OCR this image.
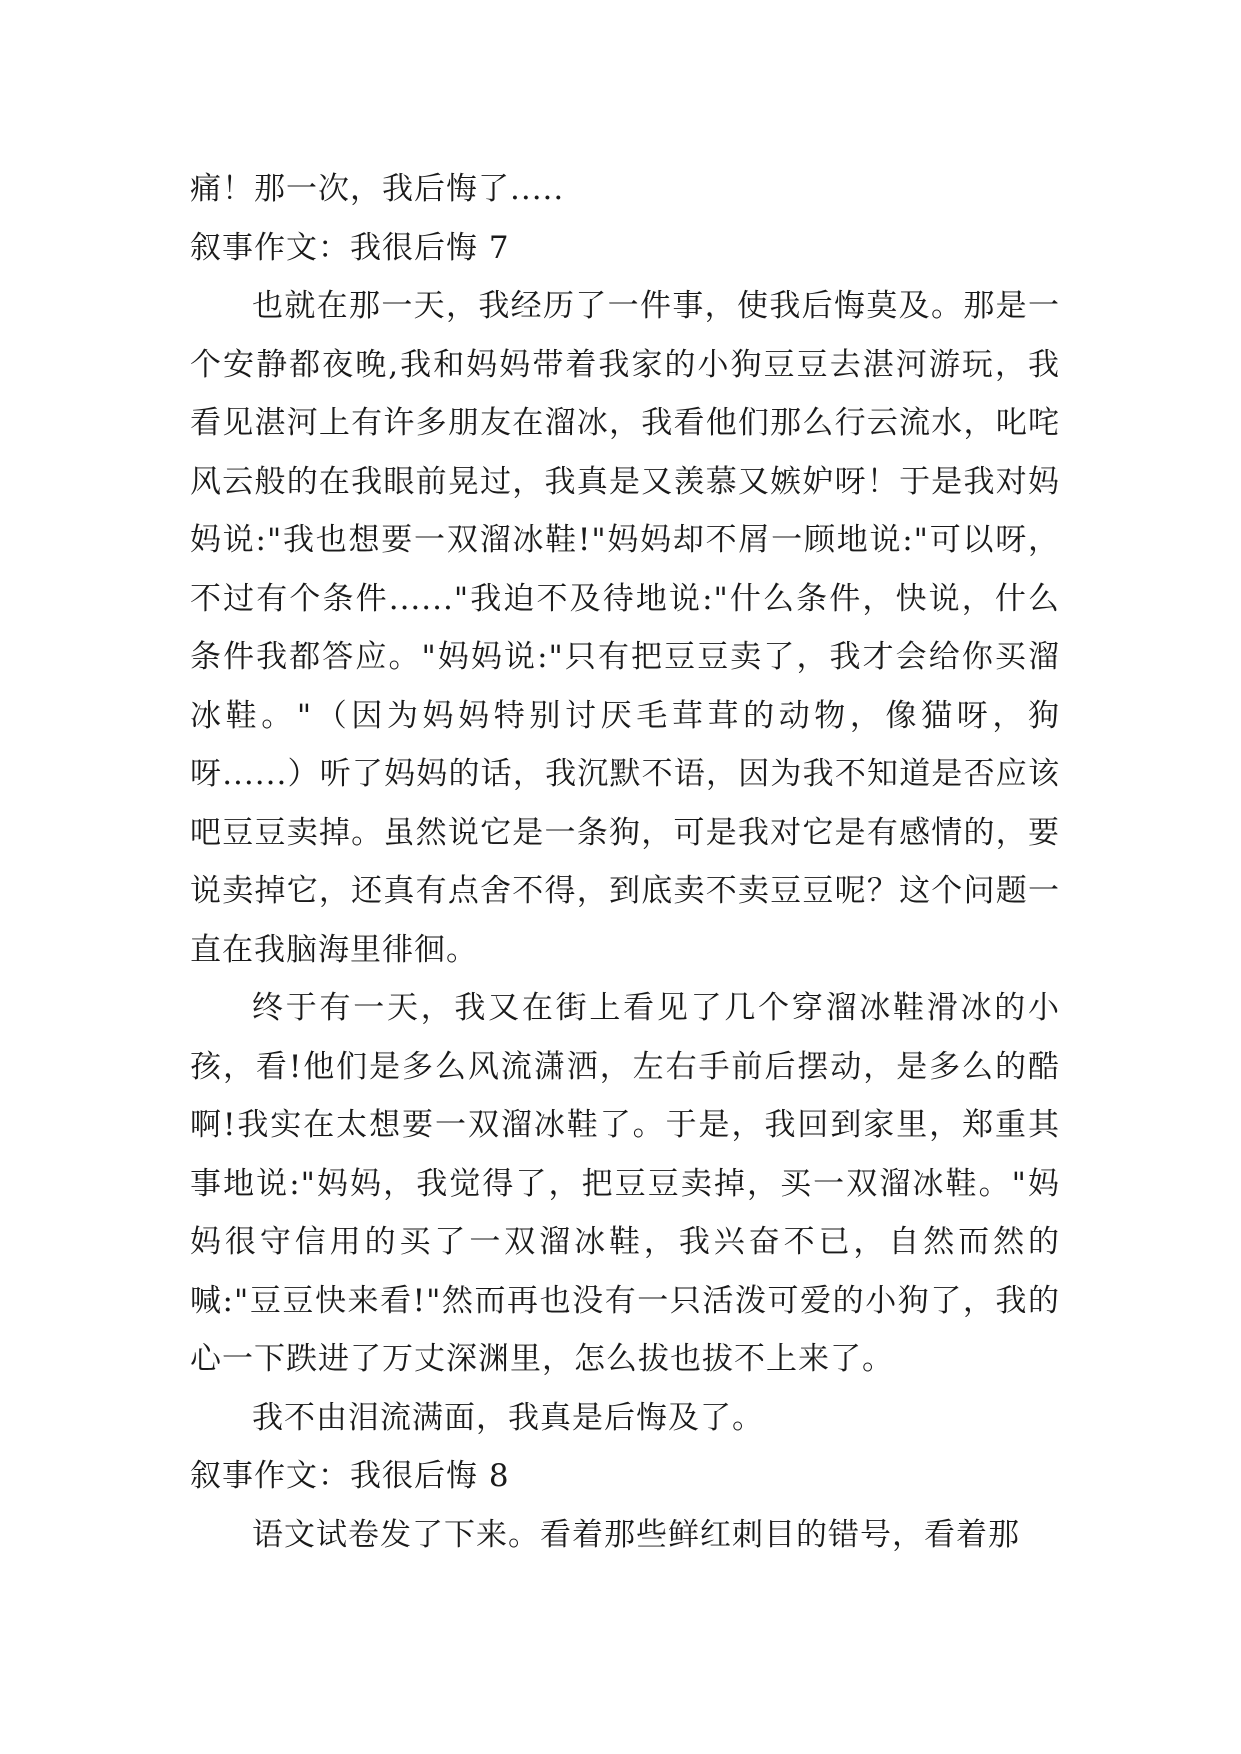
痛！那一次，我后悔了.....

叙事作文：我很后悔 7

也就在那一天，我经历了一件事，使我后悔莫及。那是一个安静都夜晚,我和妈妈带着我家的小狗豆豆去湛河游玩，我看见湛河上有许多朋友在溜冰，我看他们那么行云流水，叱咤风云般的在我眼前晃过，我真是又羡慕又嫉妒呀！于是我对妈妈说:"我也想要一双溜冰鞋!"妈妈却不屑一顾地说:"可以呀，不过有个条件......"我迫不及待地说:"什么条件，快说，什么条件我都答应。"妈妈说:"只有把豆豆卖了，我才会给你买溜冰鞋。"（因为妈妈特别讨厌毛茸茸的动物，像猫呀，狗呀......）听了妈妈的话，我沉默不语，因为我不知道是否应该吧豆豆卖掉。虽然说它是一条狗，可是我对它是有感情的，要说卖掉它，还真有点舍不得，到底卖不卖豆豆呢？这个问题一直在我脑海里徘徊。

终于有一天，我又在街上看见了几个穿溜冰鞋滑冰的小孩，看!他们是多么风流潇洒，左右手前后摆动，是多么的酷啊!我实在太想要一双溜冰鞋了。于是，我回到家里，郑重其事地说:"妈妈，我觉得了，把豆豆卖掉，买一双溜冰鞋。"妈妈很守信用的买了一双溜冰鞋，我兴奋不已，自然而然的喊:"豆豆快来看!"然而再也没有一只活泼可爱的小狗了，我的心一下跌进了万丈深渊里，怎么拔也拔不上来了。

我不由泪流满面，我真是后悔及了。

叙事作文：我很后悔 8

语文试卷发了下来。看着那些鲜红刺目的错号，看着那
